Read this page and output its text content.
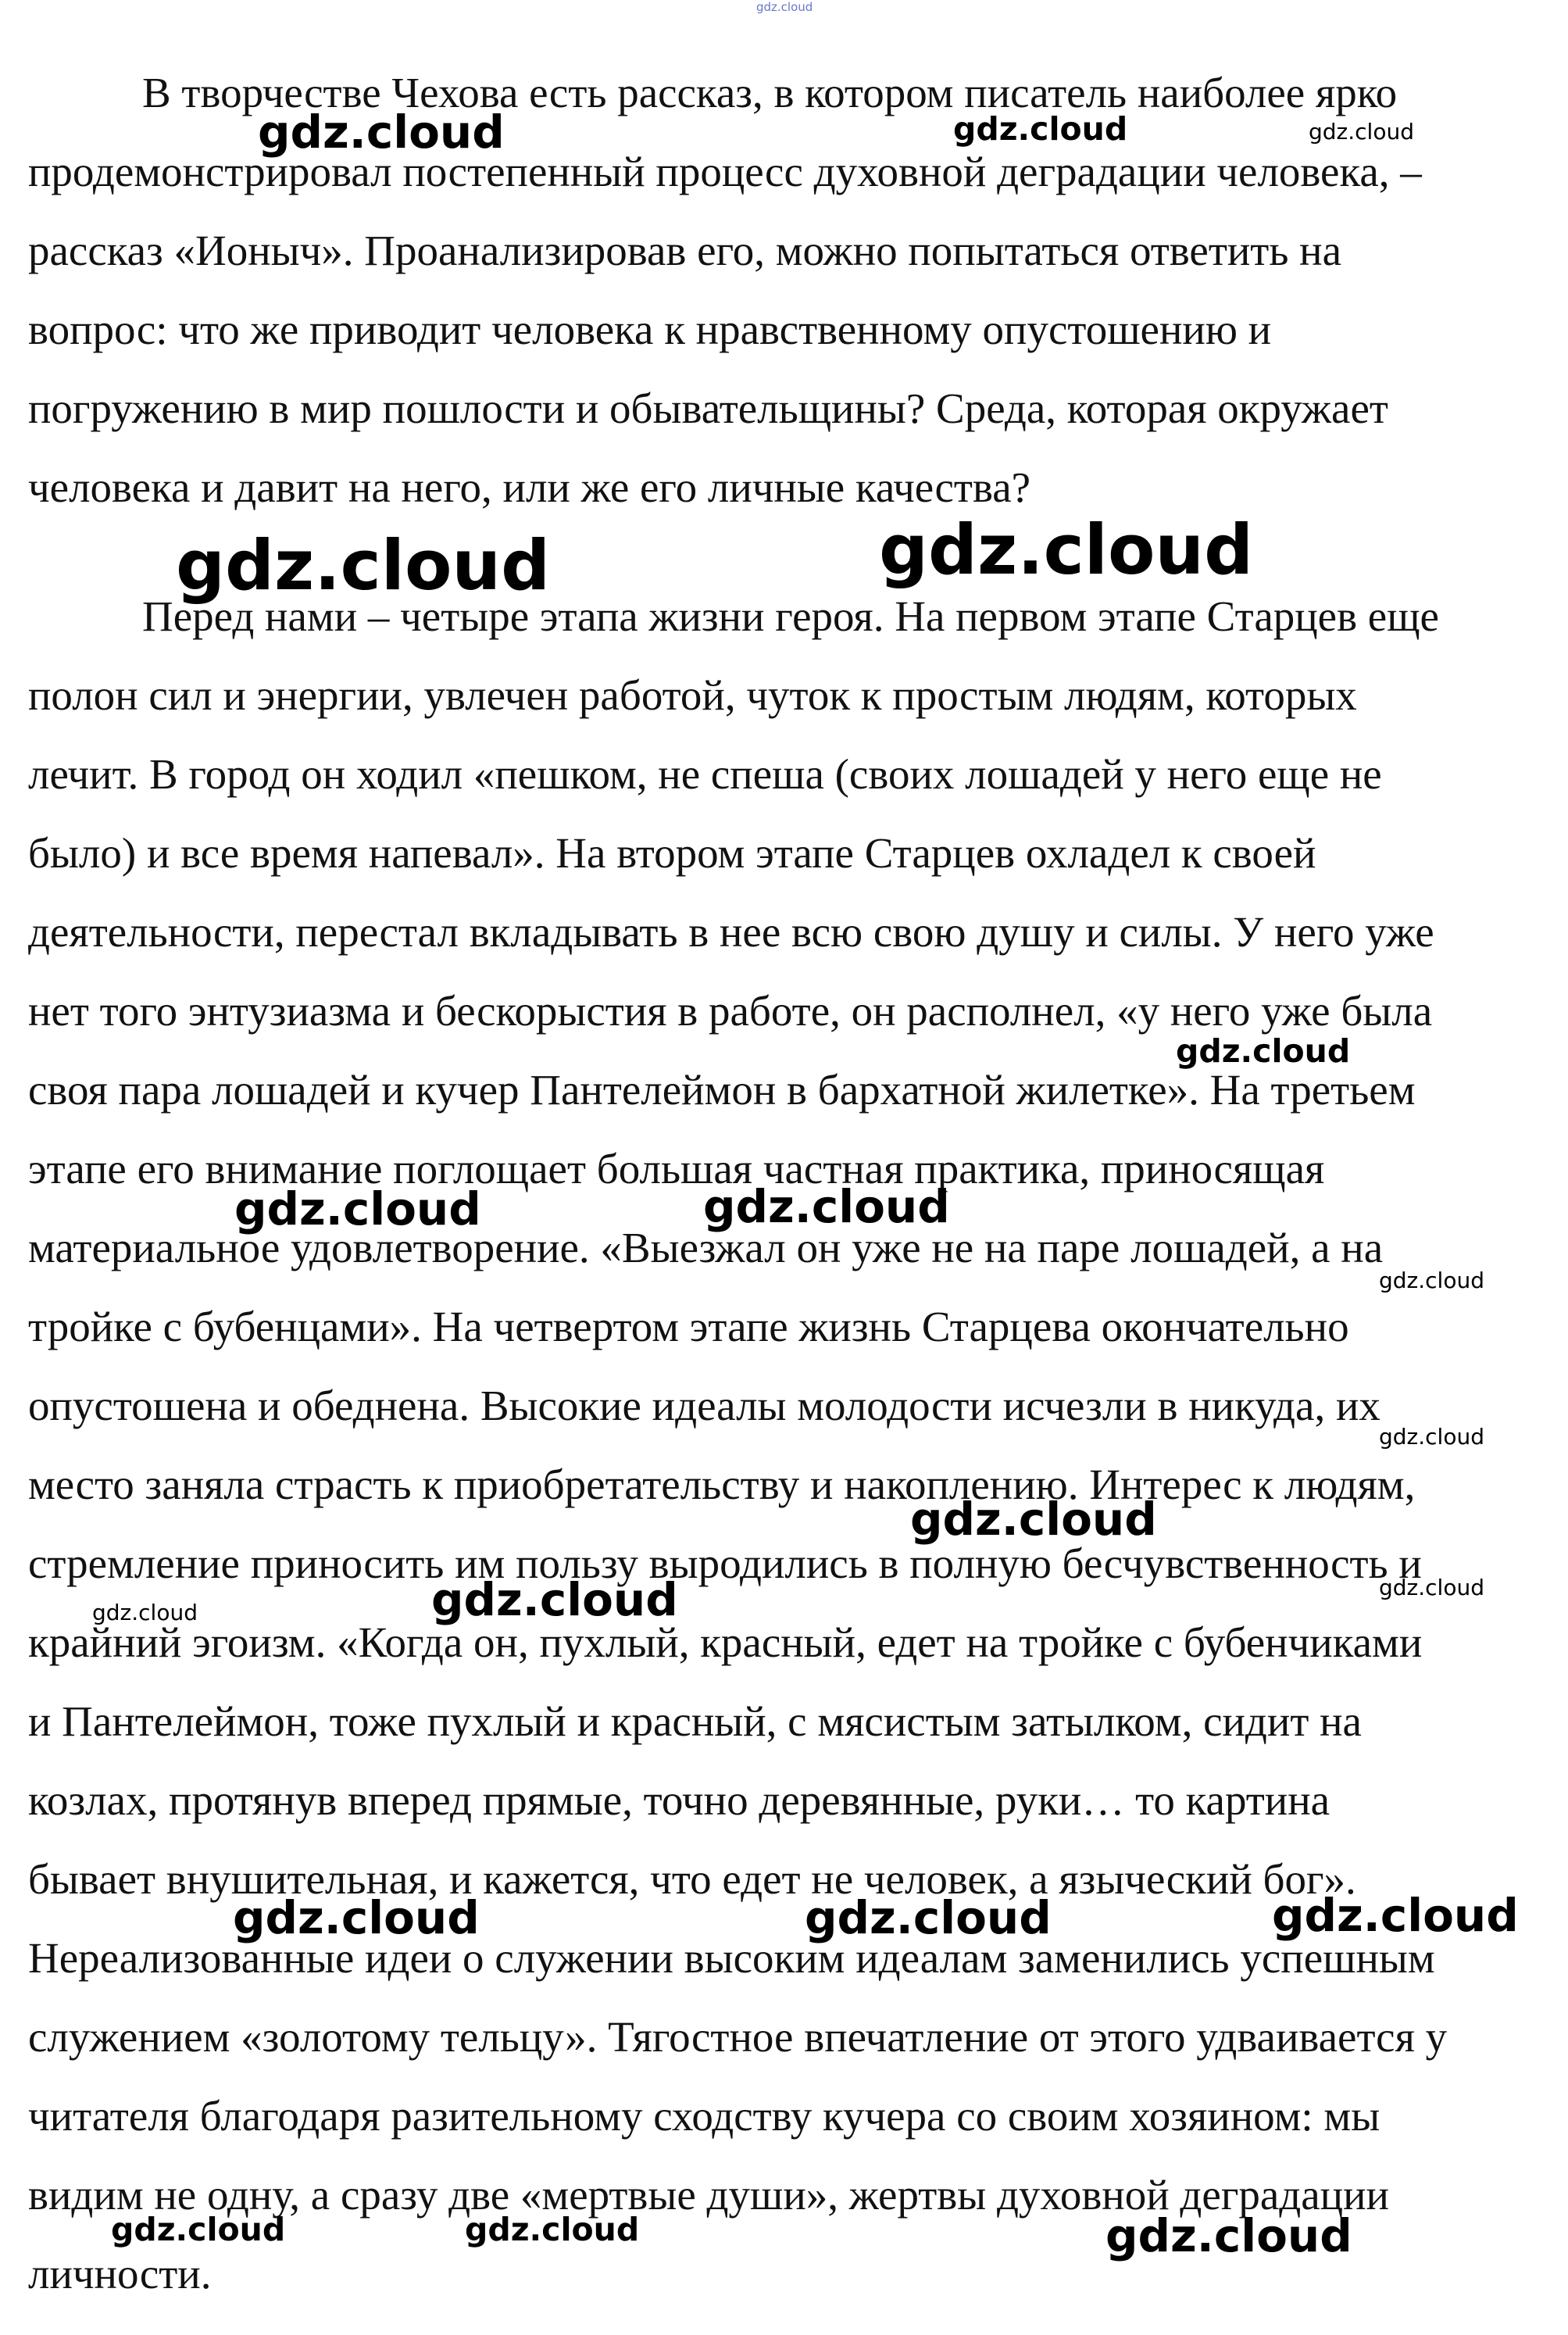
В творчестве Чехова есть рассказ, в котором писатель наиболее ярко
продемонстрировал постепенный процесс духовной деградации человека, –
рассказ «Ионыч». Проанализировав его, можно попытаться ответить на
вопрос: что же приводит человека к нравственному опустошению и
погружению в мир пошлости и обывательщины? Среда, которая окружает
человека и давит на него, или же его личные качества?
Перед нами – четыре этапа жизни героя. На первом этапе Старцев еще
полон сил и энергии, увлечен работой, чуток к простым людям, которых
лечит. В город он ходил «пешком, не спеша (своих лошадей у него еще не
было) и все время напевал». На втором этапе Старцев охладел к своей
деятельности, перестал вкладывать в нее всю свою душу и силы. У него уже
нет того энтузиазма и бескорыстия в работе, он располнел, «у него уже была
своя пара лошадей и кучер Пантелеймон в бархатной жилетке». На третьем
этапе его внимание поглощает большая частная практика, приносящая
материальное удовлетворение. «Выезжал он уже не на паре лошадей, а на
тройке с бубенцами». На четвертом этапе жизнь Старцева окончательно
опустошена и обеднена. Высокие идеалы молодости исчезли в никуда, их
место заняла страсть к приобретательству и накоплению. Интерес к людям,
стремление приносить им пользу выродились в полную бесчувственность и
крайний эгоизм. «Когда он, пухлый, красный, едет на тройке с бубенчиками
и Пантелеймон, тоже пухлый и красный, с мясистым затылком, сидит на
козлах, протянув вперед прямые, точно деревянные, руки… то картина
бывает внушительная, и кажется, что едет не человек, а языческий бог».
Нереализованные идеи о служении высоким идеалам заменились успешным
служением «золотому тельцу». Тягостное впечатление от этого удваивается у
читателя благодаря разительному сходству кучера со своим хозяином: мы
видим не одну, а сразу две «мертвые души», жертвы духовной деградации
личности.
gdz.cloud
gdz.cloud	gdz.cloud	gdz.cloud
gdz.cloud	gdz.cloud
gdz.cloud
gdz.cloud	gdz.cloud
gdz.cloud
gdz.cloud
gdz.cloud
gdz.cloud
gdz.cloud
gdz.cloud
gdz.cloud	gdz.cloud	gdz.cloud
gdz.cloud	gdz.cloud	gdz.cloud
